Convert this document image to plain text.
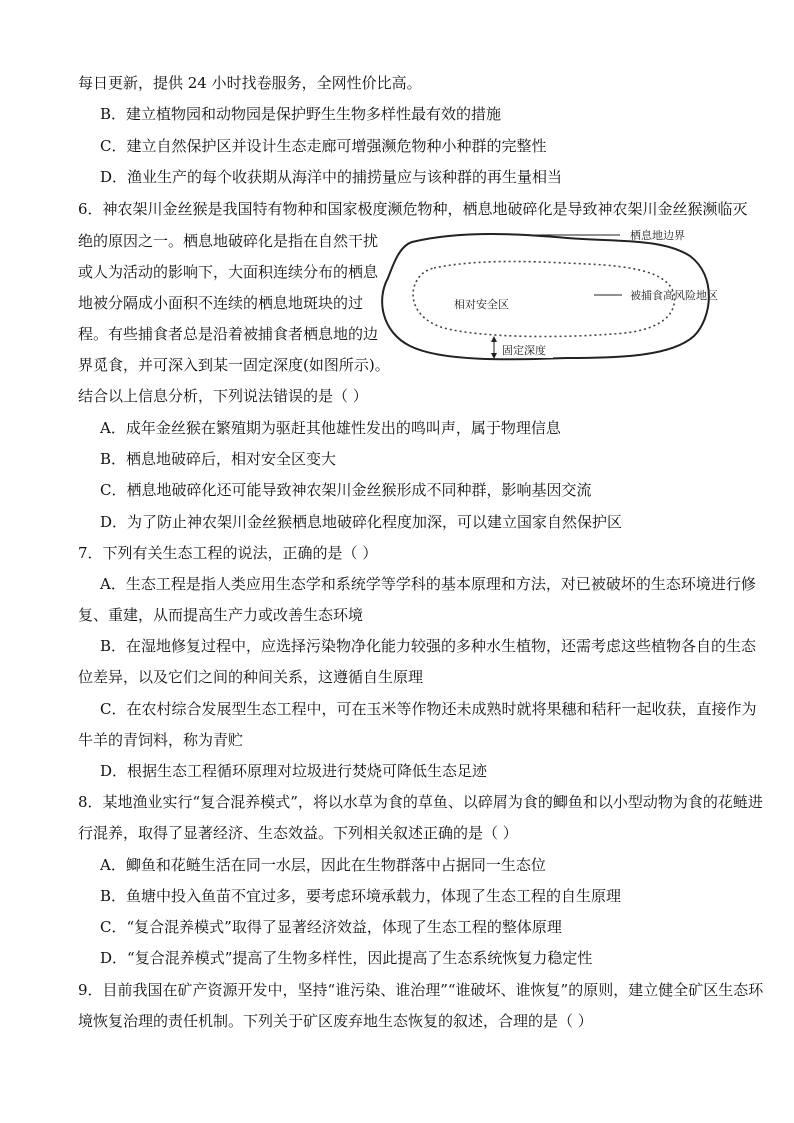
每日更新，提供 24 小时找卷服务，全网性价比高。
B．建立植物园和动物园是保护野生生物多样性最有效的措施
C．建立自然保护区并设计生态走廊可增强濒危物种小种群的完整性
D．渔业生产的每个收获期从海洋中的捕捞量应与该种群的再生量相当
6．神农架川金丝猴是我国特有物种和国家极度濒危物种，栖息地破碎化是导致神农架川金丝猴濒临灭
绝的原因之一。栖息地破碎化是指在自然干扰
或人为活动的影响下，大面积连续分布的栖息
地被分隔成小面积不连续的栖息地斑块的过
程。有些捕食者总是沿着被捕食者栖息地的边
界觅食，并可深入到某一固定深度(如图所示)。
结合以上信息分析，下列说法错误的是（ ）
相对安全区
栖息地边界
被捕食高风险地区
固定深度
A．成年金丝猴在繁殖期为驱赶其他雄性发出的鸣叫声，属于物理信息
B．栖息地破碎后，相对安全区变大
C．栖息地破碎化还可能导致神农架川金丝猴形成不同种群，影响基因交流
D．为了防止神农架川金丝猴栖息地破碎化程度加深，可以建立国家自然保护区
7．下列有关生态工程的说法，正确的是（ ）
A．生态工程是指人类应用生态学和系统学等学科的基本原理和方法，对已被破坏的生态环境进行修
复、重建，从而提高生产力或改善生态环境
B．在湿地修复过程中，应选择污染物净化能力较强的多种水生植物，还需考虑这些植物各自的生态
位差异，以及它们之间的种间关系，这遵循自生原理
C．在农村综合发展型生态工程中，可在玉米等作物还未成熟时就将果穗和秸秆一起收获，直接作为
牛羊的青饲料，称为青贮
D．根据生态工程循环原理对垃圾进行焚烧可降低生态足迹
8．某地渔业实行“复合混养模式”，将以水草为食的草鱼、以碎屑为食的鲫鱼和以小型动物为食的花鲢进
行混养，取得了显著经济、生态效益。下列相关叙述正确的是（ ）
A．鲫鱼和花鲢生活在同一水层，因此在生物群落中占据同一生态位
B．鱼塘中投入鱼苗不宜过多，要考虑环境承载力，体现了生态工程的自生原理
C．“复合混养模式”取得了显著经济效益，体现了生态工程的整体原理
D．“复合混养模式”提高了生物多样性，因此提高了生态系统恢复力稳定性
9．目前我国在矿产资源开发中，坚持“谁污染、谁治理”“谁破坏、谁恢复”的原则，建立健全矿区生态环
境恢复治理的责任机制。下列关于矿区废弃地生态恢复的叙述，合理的是（ ）
